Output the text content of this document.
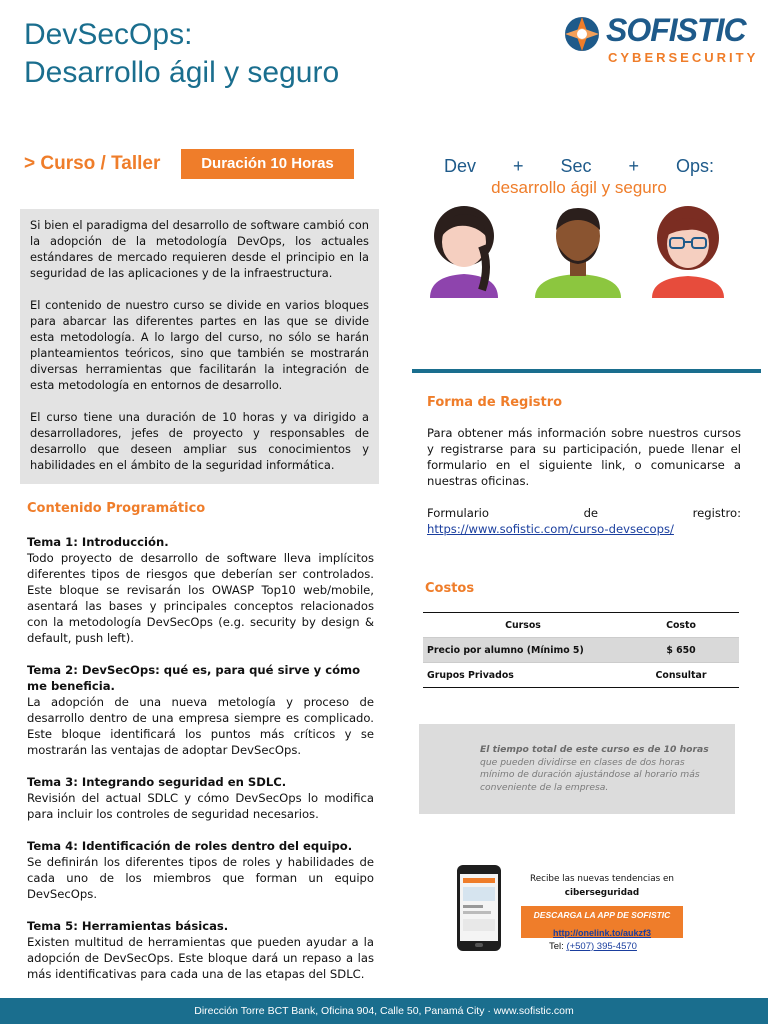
DevSecOps:
Desarrollo ágil y seguro
SOFISTIC
CYBERSECURITY
> Curso / Taller	Duración 10 Horas	Dev + Sec + Ops:
desarrollo ágil y seguro

Si bien el paradigma del desarrollo de software cambió con la adopción de la metodología DevOps, los actuales estándares de mercado requieren desde el principio en la seguridad de las aplicaciones y de la infraestructura.

El contenido de nuestro curso se divide en varios bloques para abarcar las diferentes partes en las que se divide esta metodología. A lo largo del curso, no sólo se harán planteamientos teóricos, sino que también se mostrarán diversas herramientas que facilitarán la integración de esta metodología en entornos de desarrollo.

El curso tiene una duración de 10 horas y va dirigido a desarrolladores, jefes de proyecto y responsables de desarrollo que deseen ampliar sus conocimientos y habilidades en el ámbito de la seguridad informática.

Contenido Programático
Tema 1: Introducción.
Todo proyecto de desarrollo de software lleva implícitos diferentes tipos de riesgos que deberían ser controlados. Este bloque se revisarán los OWASP Top10 web/mobile, asentará las bases y principales conceptos relacionados con la metodología DevSecOps (e.g. security by design & default, push left).
Tema 2: DevSecOps: qué es, para qué sirve y cómo me beneficia.
La adopción de una nueva metología y proceso de desarrollo dentro de una empresa siempre es complicado. Este bloque identificará los puntos más críticos y se mostrarán las ventajas de adoptar DevSecOps.
Tema 3: Integrando seguridad en SDLC.
Revisión del actual SDLC y cómo DevSecOps lo modifica para incluir los controles de seguridad necesarios.
Tema 4: Identificación de roles dentro del equipo.
Se definirán los diferentes tipos de roles y habilidades de cada uno de los miembros que forman un equipo DevSecOps.
Tema 5: Herramientas básicas.
Existen multitud de herramientas que pueden ayudar a la adopción de DevSecOps. Este bloque dará un repaso a las más identificativas para cada una de las etapas del SDLC.
Forma de Registro
Para obtener más información sobre nuestros cursos y registrarse para su participación, puede llenar el formulario en el siguiente link, o comunicarse a nuestras oficinas.
Formulario	de	registro:
https://www.sofistic.com/curso-devsecops/
Costos
Cursos	Costo
Precio por alumno (Mínimo 5)	$ 650
Grupos Privados	Consultar
El tiempo total de este curso es de 10 horas que pueden dividirse en clases de dos horas mínimo de duración ajustándose al horario más conveniente de la empresa.
Recibe las nuevas tendencias en
ciberseguridad
DESCARGA LA APP DE SOFISTIC
http://onelink.to/aukzf3
Tel: (+507) 395-4570
Dirección Torre BCT Bank, Oficina 904, Calle 50, Panamá City · www.sofistic.com
